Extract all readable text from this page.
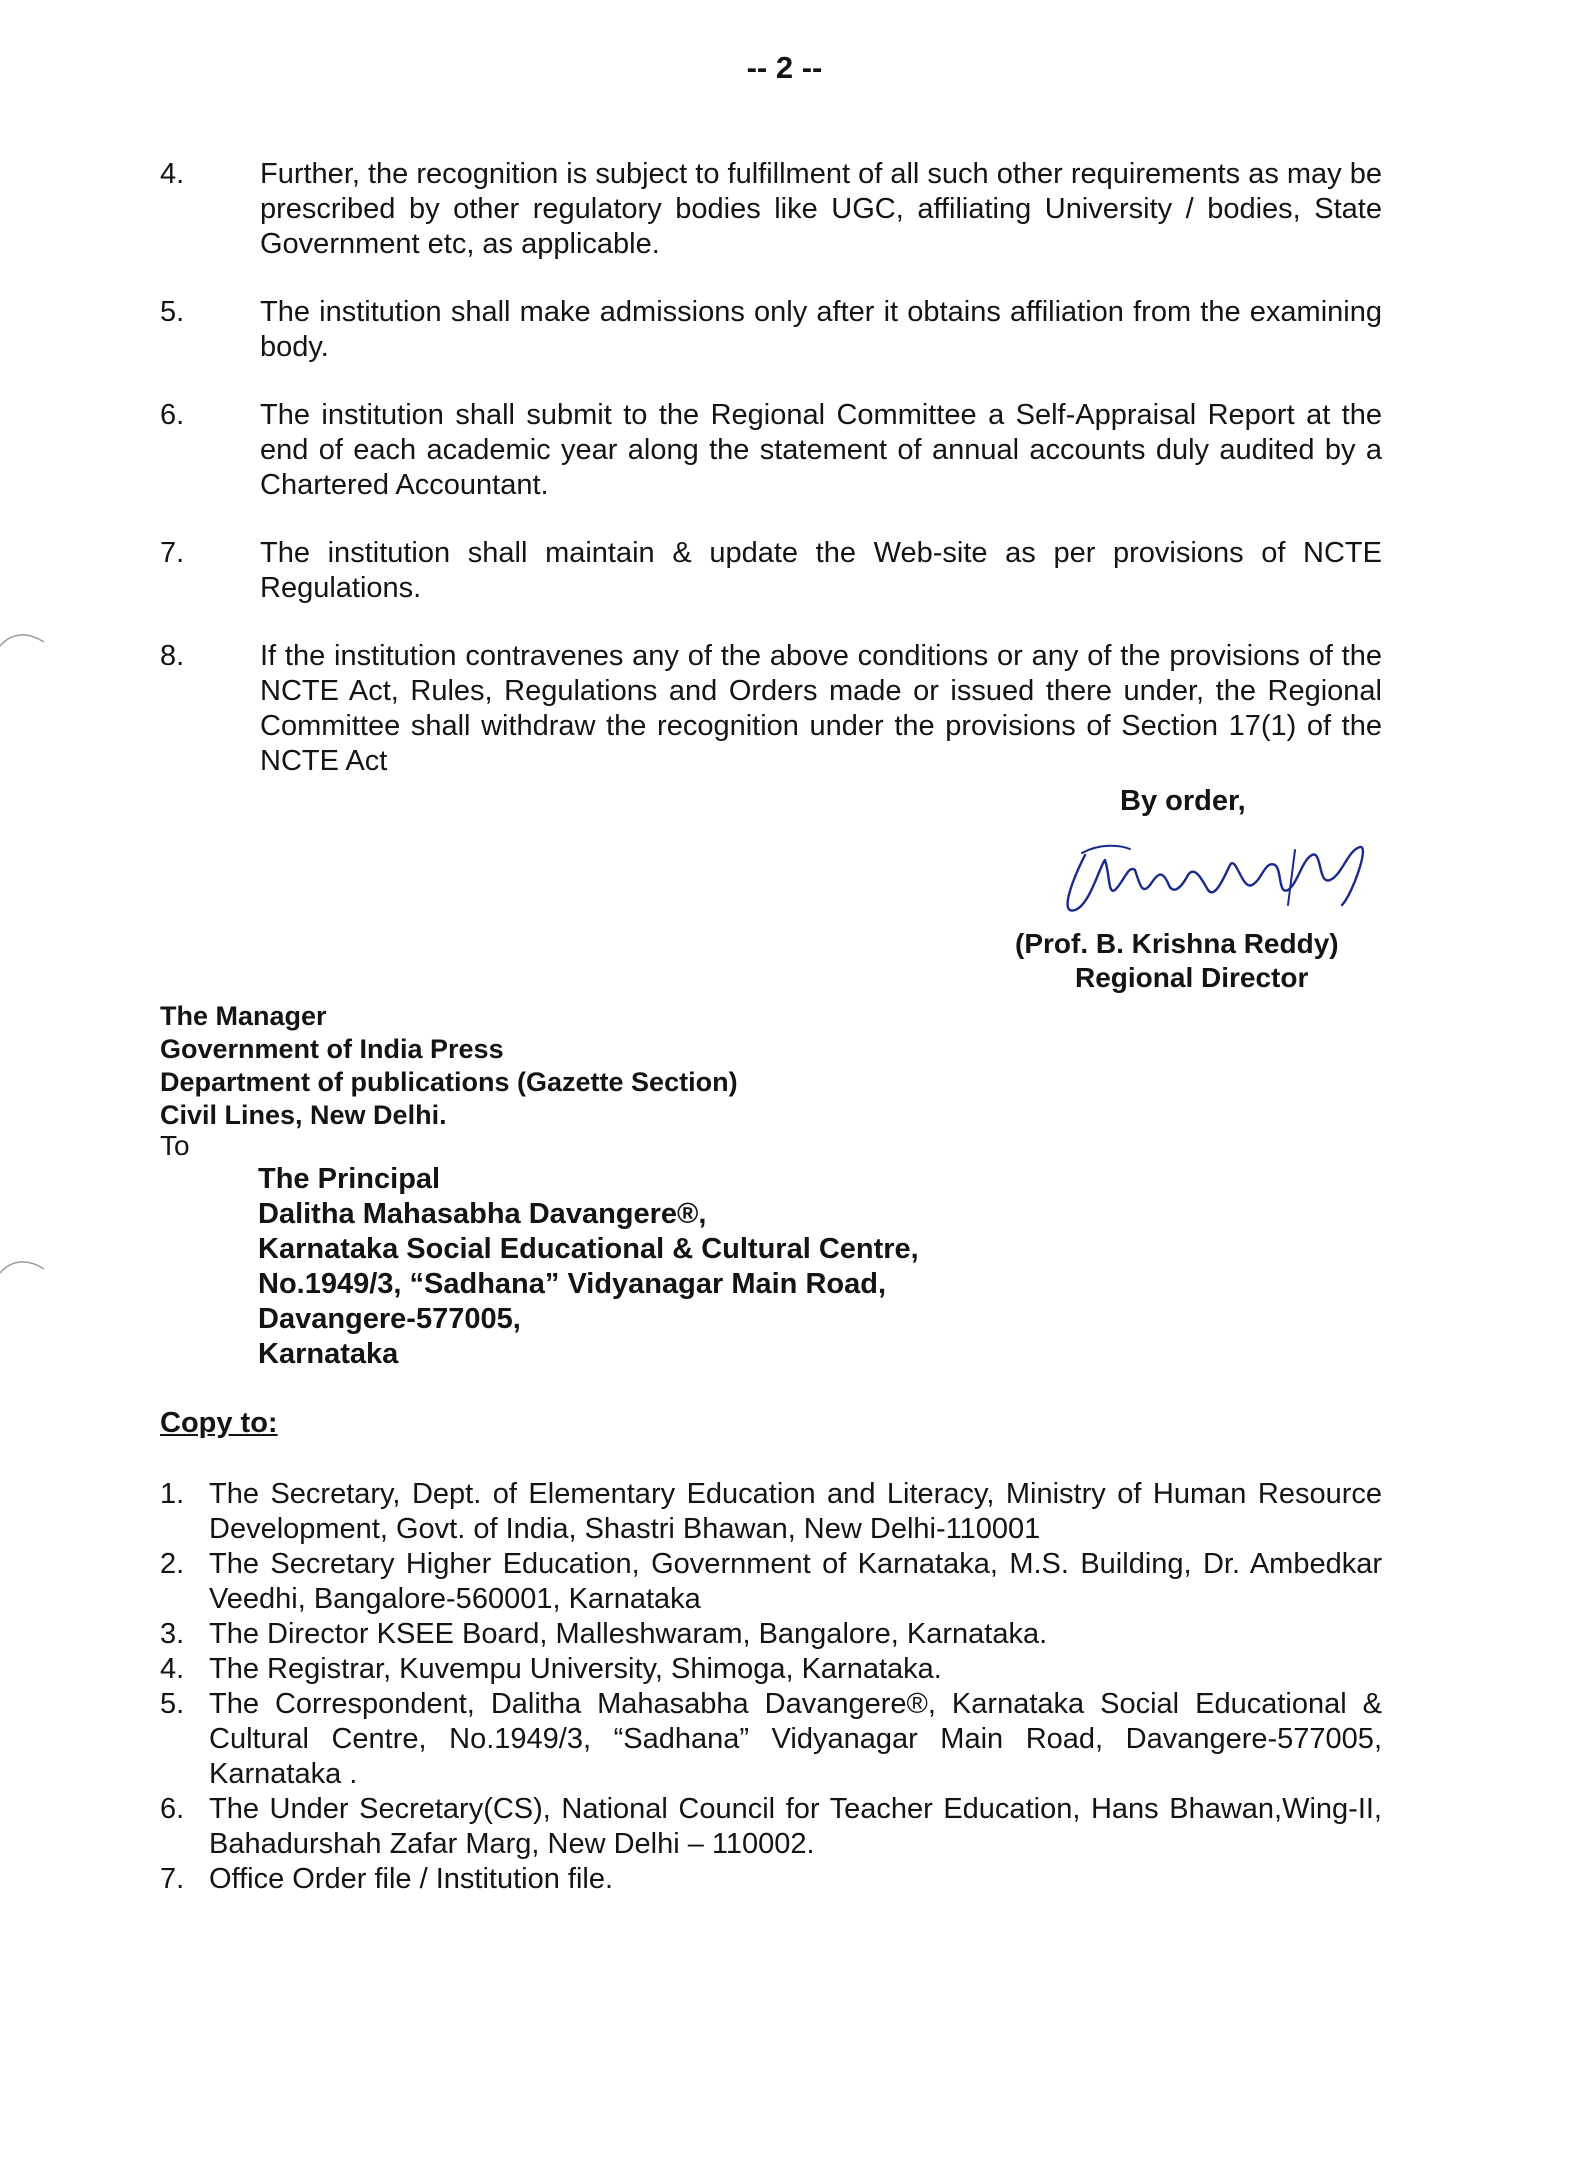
-- 2 --
4.	Further, the recognition is subject to fulfillment of all such other requirements as may be prescribed by other regulatory bodies like UGC, affiliating University / bodies, State Government etc, as applicable.
5.	The institution shall make admissions only after it obtains affiliation from the examining body.
6.	The institution shall submit to the Regional Committee a Self-Appraisal Report at the end of each academic year along the statement of annual accounts duly audited by a Chartered Accountant.
7.	The institution shall maintain & update the Web-site as per provisions of NCTE Regulations.
8.	If the institution contravenes any of the above conditions or any of the provisions of the NCTE Act, Rules, Regulations and Orders made or issued there under, the Regional Committee shall withdraw the recognition under the provisions of Section 17(1) of the NCTE Act
By order,
(Prof. B. Krishna Reddy)
Regional Director
The Manager
Government of India Press
Department of publications (Gazette Section)
Civil Lines, New Delhi.
To
The Principal
Dalitha Mahasabha Davangere®,
Karnataka Social Educational & Cultural Centre,
No.1949/3, “Sadhana” Vidyanagar Main Road,
Davangere-577005,
Karnataka
Copy to:
1. The Secretary, Dept. of Elementary Education and Literacy, Ministry of Human Resource Development, Govt. of India, Shastri Bhawan, New Delhi-110001
2. The Secretary Higher Education, Government of Karnataka, M.S. Building, Dr. Ambedkar Veedhi, Bangalore-560001, Karnataka
3. The Director KSEE Board, Malleshwaram, Bangalore, Karnataka.
4. The Registrar, Kuvempu University, Shimoga, Karnataka.
5. The Correspondent, Dalitha Mahasabha Davangere®, Karnataka Social Educational & Cultural Centre, No.1949/3, “Sadhana” Vidyanagar Main Road, Davangere-577005, Karnataka .
6. The Under Secretary(CS), National Council for Teacher Education, Hans Bhawan,Wing-II, Bahadurshah Zafar Marg, New Delhi – 110002.
7. Office Order file / Institution file.
